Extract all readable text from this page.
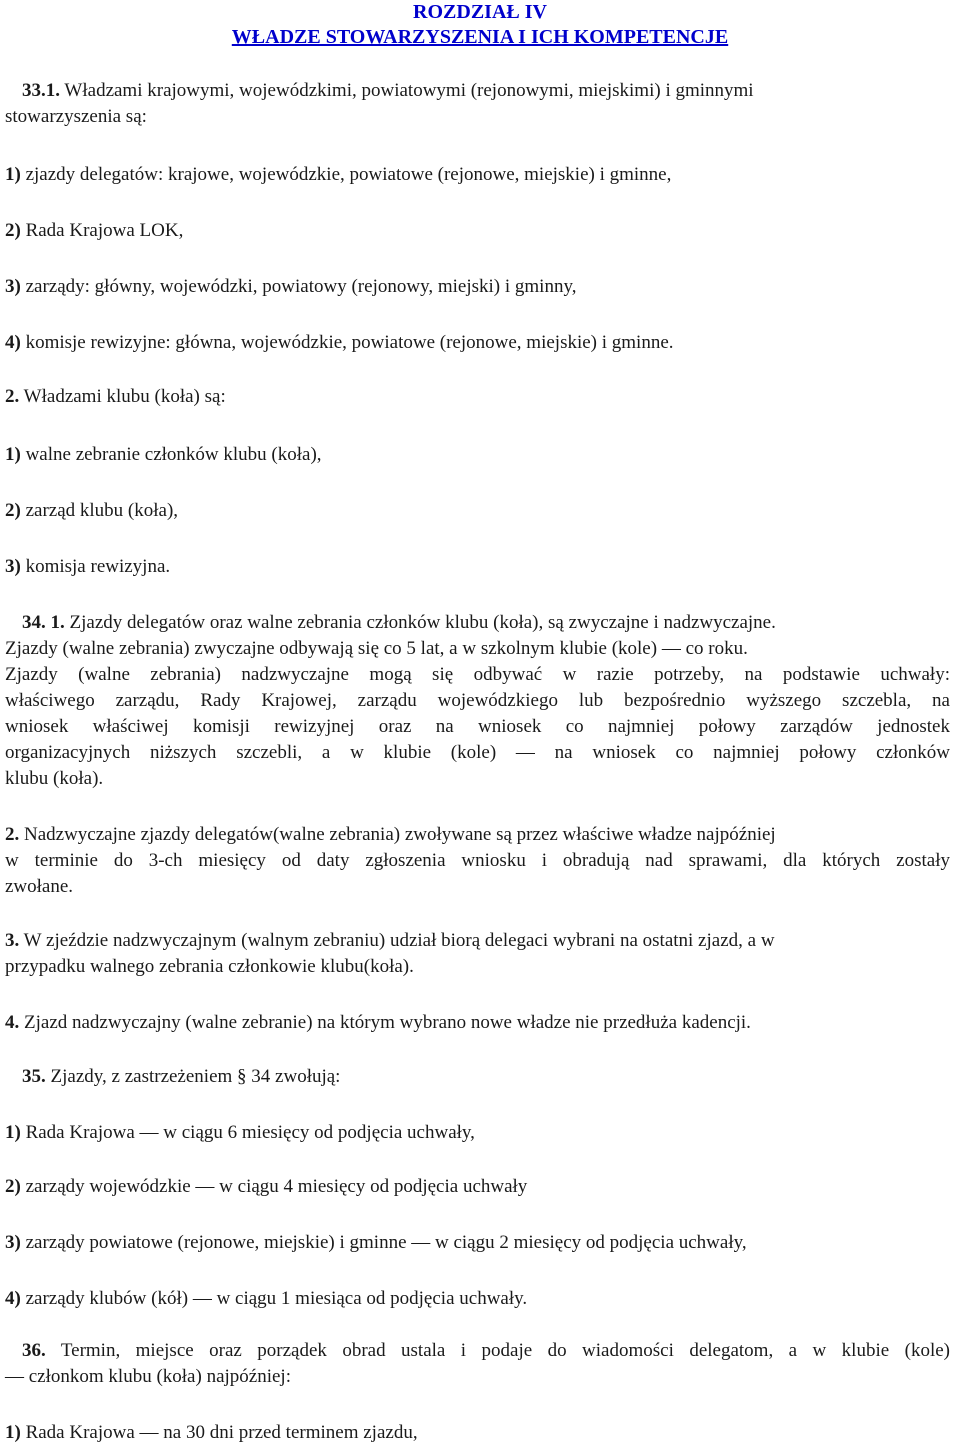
ROZDZIAŁ IV
WŁADZE STOWARZYSZENIA I ICH KOMPETENCJE
33.1. Władzami krajowymi, wojewódzkimi, powiatowymi (rejonowymi, miejskimi) i gminnymi
stowarzyszenia są:
1) zjazdy delegatów: krajowe, wojewódzkie, powiatowe (rejonowe, miejskie) i gminne,
2) Rada Krajowa LOK,
3) zarządy: główny, wojewódzki, powiatowy (rejonowy, miejski) i gminny,
4) komisje rewizyjne: główna, wojewódzkie, powiatowe (rejonowe, miejskie) i gminne.
2. Władzami klubu (koła) są:
1) walne zebranie członków klubu (koła),
2) zarząd klubu (koła),
3) komisja rewizyjna.
34. 1. Zjazdy delegatów oraz walne zebrania członków klubu (koła), są zwyczajne i nadzwyczajne.
Zjazdy (walne zebrania) zwyczajne odbywają się co 5 lat, a w szkolnym klubie (kole) — co roku.
Zjazdy (walne zebrania) nadzwyczajne mogą się odbywać w razie potrzeby, na podstawie uchwały:
właściwego zarządu, Rady Krajowej, zarządu wojewódzkiego lub bezpośrednio wyższego szczebla, na
wniosek właściwej komisji rewizyjnej oraz na wniosek co najmniej połowy zarządów jednostek
organizacyjnych niższych szczebli, a w klubie (kole) — na wniosek co najmniej połowy członków
klubu (koła).
2. Nadzwyczajne zjazdy delegatów(walne zebrania) zwoływane są przez właściwe władze najpóźniej
w terminie do 3-ch miesięcy od daty zgłoszenia wniosku i obradują nad sprawami, dla których zostały
zwołane.
3. W zjeździe nadzwyczajnym (walnym zebraniu) udział biorą delegaci wybrani na ostatni zjazd, a w
przypadku walnego zebrania członkowie klubu(koła).
4. Zjazd nadzwyczajny (walne zebranie) na którym wybrano nowe władze nie przedłuża kadencji.
35. Zjazdy, z zastrzeżeniem § 34 zwołują:
1) Rada Krajowa — w ciągu 6 miesięcy od podjęcia uchwały,
2) zarządy wojewódzkie — w ciągu 4 miesięcy od podjęcia uchwały
3) zarządy powiatowe (rejonowe, miejskie) i gminne — w ciągu 2 miesięcy od podjęcia uchwały,
4) zarządy klubów (kół) — w ciągu 1 miesiąca od podjęcia uchwały.
36. Termin, miejsce oraz porządek obrad ustala i podaje do wiadomości delegatom, a w klubie (kole)
— członkom klubu (koła) najpóźniej:
1) Rada Krajowa — na 30 dni przed terminem zjazdu,
